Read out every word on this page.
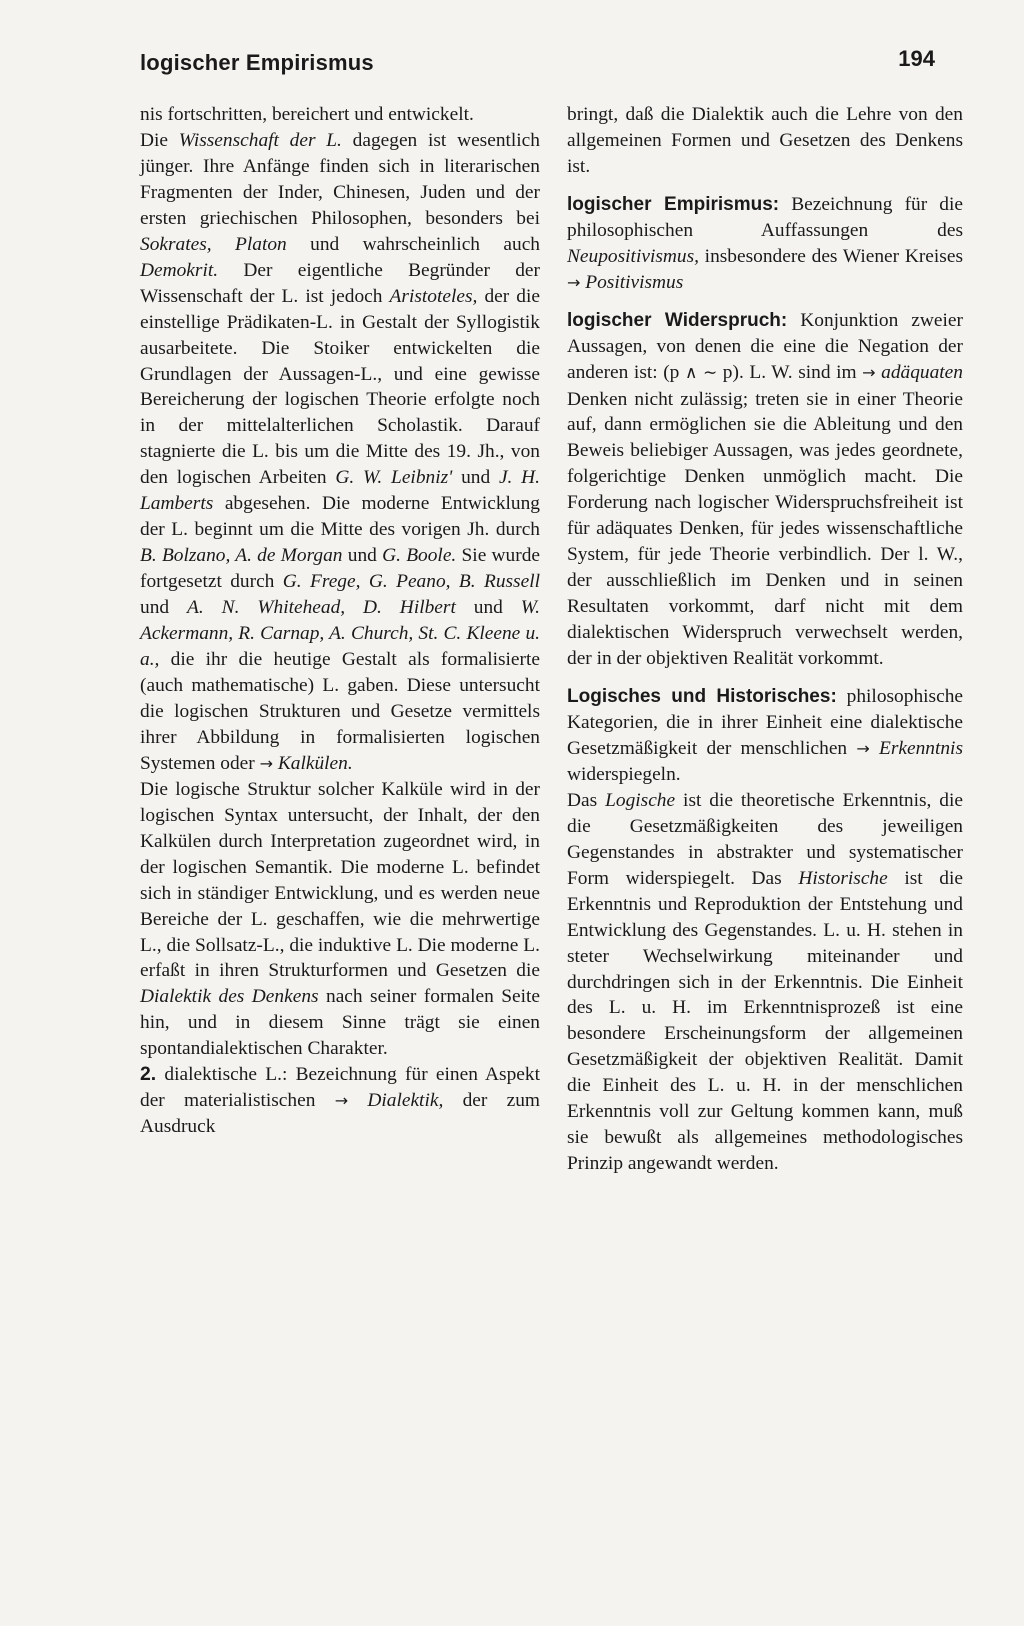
logischer Empirismus	194

nis fortschritten, bereichert und entwickelt.

Die Wissenschaft der L. dagegen ist wesentlich jünger. Ihre Anfänge finden sich in literarischen Fragmenten der Inder, Chinesen, Juden und der ersten griechischen Philosophen, besonders bei Sokrates, Platon und wahrscheinlich auch Demokrit. Der eigentliche Begründer der Wissenschaft der L. ist jedoch Aristoteles, der die einstellige Prädikaten-L. in Gestalt der Syllogistik ausarbeitete. Die Stoiker entwickelten die Grundlagen der Aussagen-L., und eine gewisse Bereicherung der logischen Theorie erfolgte noch in der mittelalterlichen Scholastik. Darauf stagnierte die L. bis um die Mitte des 19. Jh., von den logischen Arbeiten G. W. Leibniz' und J. H. Lamberts abgesehen. Die moderne Entwicklung der L. beginnt um die Mitte des vorigen Jh. durch B. Bolzano, A. de Morgan und G. Boole. Sie wurde fortgesetzt durch G. Frege, G. Peano, B. Russell und A. N. Whitehead, D. Hilbert und W. Ackermann, R. Carnap, A. Church, St. C. Kleene u. a., die ihr die heutige Gestalt als formalisierte (auch mathematische) L. gaben. Diese untersucht die logischen Strukturen und Gesetze vermittels ihrer Abbildung in formalisierten logischen Systemen oder → Kalkülen.

Die logische Struktur solcher Kalküle wird in der logischen Syntax untersucht, der Inhalt, der den Kalkülen durch Interpretation zugeordnet wird, in der logischen Semantik. Die moderne L. befindet sich in ständiger Entwicklung, und es werden neue Bereiche der L. geschaffen, wie die mehrwertige L., die Sollsatz-L., die induktive L. Die moderne L. erfaßt in ihren Strukturformen und Gesetzen die Dialektik des Denkens nach seiner formalen Seite hin, und in diesem Sinne trägt sie einen spontandialektischen Charakter.

2. dialektische L.: Bezeichnung für einen Aspekt der materialistischen → Dialektik, der zum Ausdruck

bringt, daß die Dialektik auch die Lehre von den allgemeinen Formen und Gesetzen des Denkens ist.

logischer Empirismus: Bezeichnung für die philosophischen Auffassungen des Neupositivismus, insbesondere des Wiener Kreises → Positivismus

logischer Widerspruch: Konjunktion zweier Aussagen, von denen die eine die Negation der anderen ist: (p ∧ ∼ p). L. W. sind im → adäquaten Denken nicht zulässig; treten sie in einer Theorie auf, dann ermöglichen sie die Ableitung und den Beweis beliebiger Aussagen, was jedes geordnete, folgerichtige Denken unmöglich macht. Die Forderung nach logischer Widerspruchsfreiheit ist für adäquates Denken, für jedes wissenschaftliche System, für jede Theorie verbindlich. Der l. W., der ausschließlich im Denken und in seinen Resultaten vorkommt, darf nicht mit dem dialektischen Widerspruch verwechselt werden, der in der objektiven Realität vorkommt.

Logisches und Historisches: philosophische Kategorien, die in ihrer Einheit eine dialektische Gesetzmäßigkeit der menschlichen → Erkenntnis widerspiegeln.

Das Logische ist die theoretische Erkenntnis, die die Gesetzmäßigkeiten des jeweiligen Gegenstandes in abstrakter und systematischer Form widerspiegelt. Das Historische ist die Erkenntnis und Reproduktion der Entstehung und Entwicklung des Gegenstandes. L. u. H. stehen in steter Wechselwirkung miteinander und durchdringen sich in der Erkenntnis. Die Einheit des L. u. H. im Erkenntnisprozeß ist eine besondere Erscheinungsform der allgemeinen Gesetzmäßigkeit der objektiven Realität. Damit die Einheit des L. u. H. in der menschlichen Erkenntnis voll zur Geltung kommen kann, muß sie bewußt als allgemeines methodologisches Prinzip angewandt werden.
